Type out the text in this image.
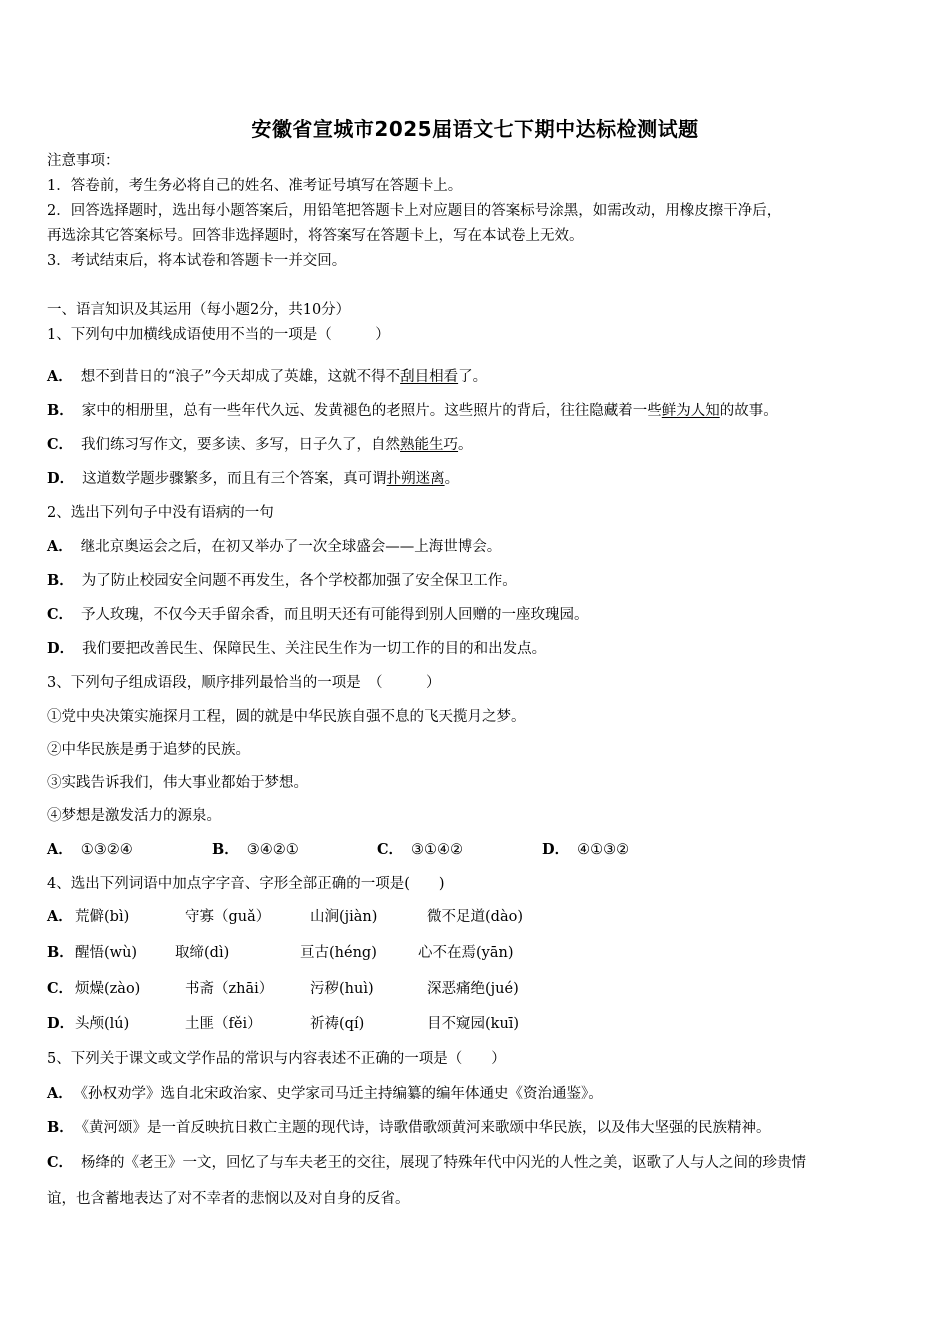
安徽省宣城市2025届语文七下期中达标检测试题
注意事项：
1．答卷前，考生务必将自己的姓名、准考证号填写在答题卡上。
2．回答选择题时，选出每小题答案后，用铅笔把答题卡上对应题目的答案标号涂黑，如需改动，用橡皮擦干净后，
再选涂其它答案标号。回答非选择题时，将答案写在答题卡上，写在本试卷上无效。
3．考试结束后，将本试卷和答题卡一并交回。
一、语言知识及其运用（每小题2分，共10分）
1、下列句中加横线成语使用不当的一项是（　　　）
A． 想不到昔日的“浪子”今天却成了英雄，这就不得不刮目相看了。
B． 家中的相册里，总有一些年代久远、发黄褪色的老照片。这些照片的背后，往往隐藏着一些鲜为人知的故事。
C． 我们练习写作文，要多读、多写，日子久了，自然熟能生巧。
D． 这道数学题步骤繁多，而且有三个答案，真可谓扑朔迷离。
2、选出下列句子中没有语病的一句
A． 继北京奥运会之后，在初又举办了一次全球盛会——上海世博会。
B． 为了防止校园安全问题不再发生，各个学校都加强了安全保卫工作。
C． 予人玫瑰，不仅今天手留余香，而且明天还有可能得到别人回赠的一座玫瑰园。
D． 我们要把改善民生、保障民生、关注民生作为一切工作的目的和出发点。
3、下列句子组成语段，顺序排列最恰当的一项是　（　　　）
①党中央决策实施探月工程，圆的就是中华民族自强不息的飞天揽月之梦。
②中华民族是勇于追梦的民族。
③实践告诉我们，伟大事业都始于梦想。
④梦想是激发活力的源泉。
A． ①③②④	B． ③④②①	C． ③①④②	D． ④①③②
4、选出下列词语中加点字字音、字形全部正确的一项是(　　)
A． 荒僻(bì)	守寡（guǎ）	山涧(jiàn)	微不足道(dào)
B． 醒悟(wù)	取缔(dì)	亘古(héng)	心不在焉(yān)
C． 烦燥(zào)	书斋（zhāi）	污秽(huì)	深恶痛绝(jué)
D． 头颅(lú)	土匪（fěi）	祈祷(qí)	目不窥园(kuī)
5、下列关于课文或文学作品的常识与内容表述不正确的一项是（　　）
A． 《孙权劝学》选自北宋政治家、史学家司马迁主持编纂的编年体通史《资治通鉴》。
B． 《黄河颂》是一首反映抗日救亡主题的现代诗，诗歌借歌颂黄河来歌颂中华民族，以及伟大坚强的民族精神。
C． 杨绛的《老王》一文，回忆了与车夫老王的交往，展现了特殊年代中闪光的人性之美，讴歌了人与人之间的珍贵情
谊，也含蓄地表达了对不幸者的悲悯以及对自身的反省。
